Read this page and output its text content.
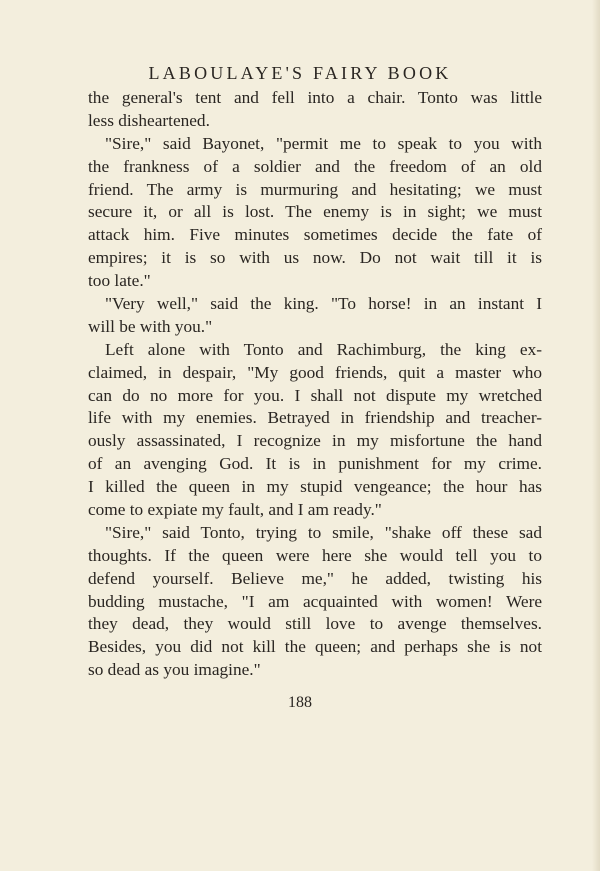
LABOULAYE'S FAIRY BOOK
the general's tent and fell into a chair. Tonto was little
less disheartened.
"Sire," said Bayonet, "permit me to speak to you with
the frankness of a soldier and the freedom of an old
friend. The army is murmuring and hesitating; we must
secure it, or all is lost. The enemy is in sight; we must
attack him. Five minutes sometimes decide the fate of
empires; it is so with us now. Do not wait till it is
too late."
"Very well," said the king. "To horse! in an instant I
will be with you."
Left alone with Tonto and Rachimburg, the king ex-
claimed, in despair, "My good friends, quit a master who
can do no more for you. I shall not dispute my wretched
life with my enemies. Betrayed in friendship and treacher-
ously assassinated, I recognize in my misfortune the hand
of an avenging God. It is in punishment for my crime.
I killed the queen in my stupid vengeance; the hour has
come to expiate my fault, and I am ready."
"Sire," said Tonto, trying to smile, "shake off these sad
thoughts. If the queen were here she would tell you to
defend yourself. Believe me," he added, twisting his
budding mustache, "I am acquainted with women! Were
they dead, they would still love to avenge themselves.
Besides, you did not kill the queen; and perhaps she is not
so dead as you imagine."
188
